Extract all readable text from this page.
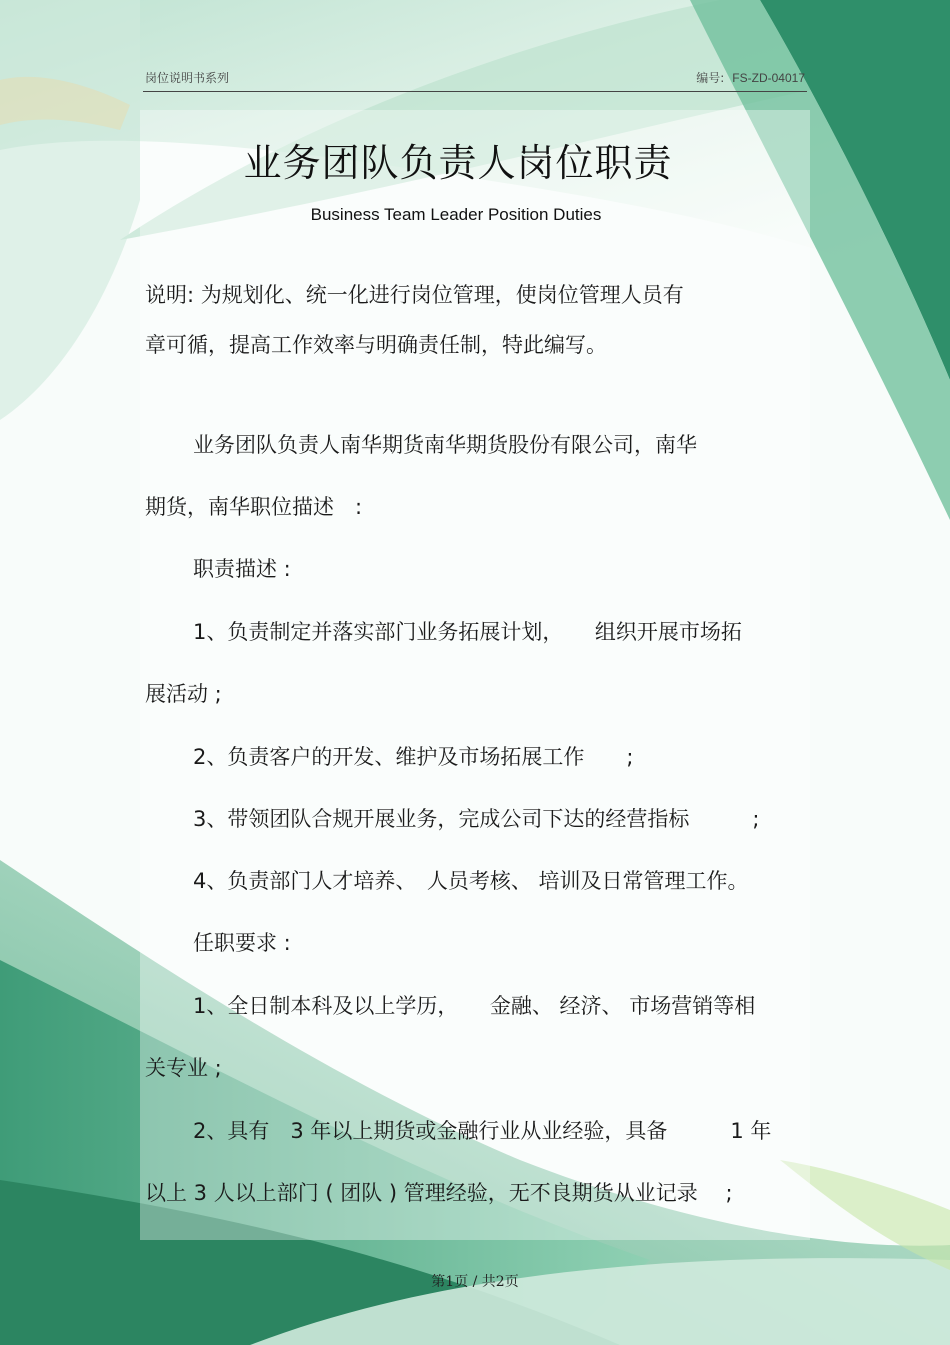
岗位说明书系列	编号: FS-ZD-04017
业务团队负责人岗位职责
Business Team Leader Position Duties
说明: 为规划化、统一化进行岗位管理，使岗位管理人员有
章可循，提高工作效率与明确责任制，特此编写。
业务团队负责人南华期货南华期货股份有限公司，南华
期货，南华职位描述　:
职责描述 :
1、负责制定并落实部门业务拓展计划，　　组织开展市场拓
展活动 ;
2、负责客户的开发、维护及市场拓展工作　　;
3、带领团队合规开展业务，完成公司下达的经营指标　　　;
4、负责部门人才培养、　人员考核、 培训及日常管理工作。
任职要求 :
1、全日制本科及以上学历，　　金融、 经济、 市场营销等相
关专业 ;
2、具有　3 年以上期货或金融行业从业经验，具备　　　1 年
以上 3 人以上部门 ( 团队 ) 管理经验，无不良期货从业记录　 ;
第1页 / 共2页
